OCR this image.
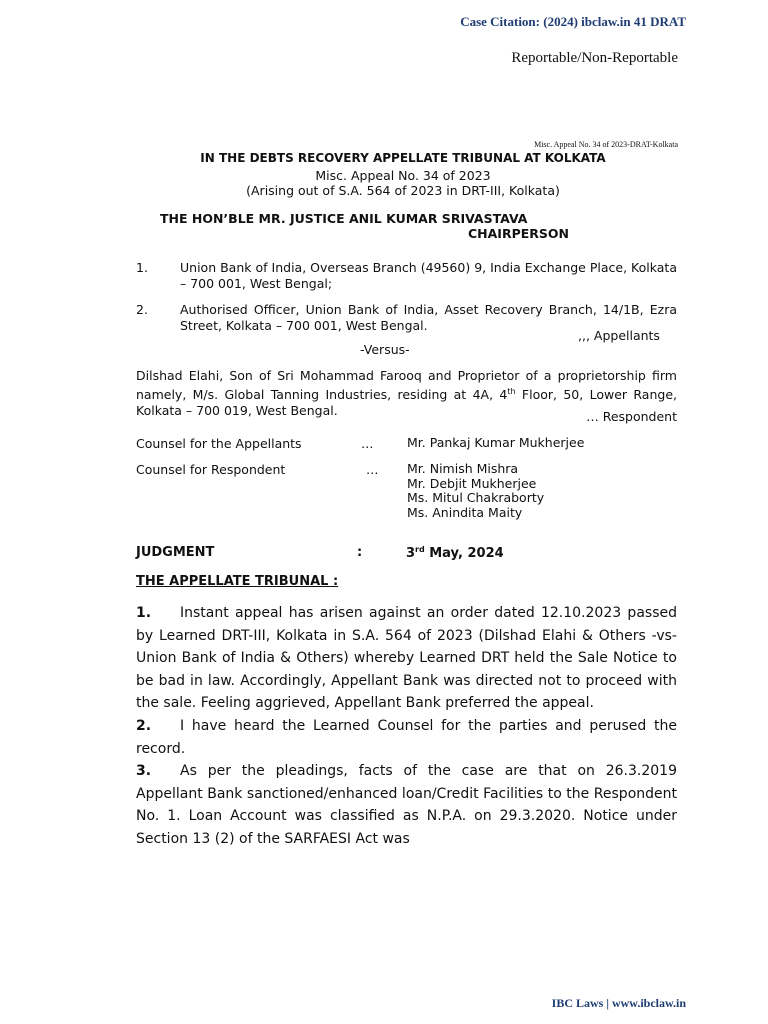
Case Citation: (2024) ibclaw.in 41 DRAT
Reportable/Non-Reportable
Misc. Appeal No. 34 of 2023-DRAT-Kolkata
IN THE DEBTS RECOVERY APPELLATE TRIBUNAL AT KOLKATA
Misc. Appeal No. 34 of 2023
(Arising out of S.A. 564 of 2023 in DRT-III, Kolkata)
THE HON’BLE MR. JUSTICE ANIL KUMAR SRIVASTAVA
CHAIRPERSON
1.	Union Bank of India, Overseas Branch (49560) 9, India Exchange Place, Kolkata – 700 001, West Bengal;
2.	Authorised Officer, Union Bank of India, Asset Recovery Branch, 14/1B, Ezra Street, Kolkata – 700 001, West Bengal.
,,, Appellants
-Versus-
Dilshad Elahi, Son of Sri Mohammad Farooq and Proprietor of a proprietorship firm namely, M/s. Global Tanning Industries, residing at 4A, 4th Floor, 50, Lower Range, Kolkata – 700 019, West Bengal.	… Respondent
Counsel for the Appellants	…	Mr. Pankaj Kumar Mukherjee
Counsel for Respondent	… Mr. Nimish Mishra
Mr. Debjit Mukherjee
Ms. Mitul Chakraborty
Ms. Anindita Maity
JUDGMENT	:	3rd May, 2024
THE APPELLATE TRIBUNAL :

1. Instant appeal has arisen against an order dated 12.10.2023 passed by Learned DRT-III, Kolkata in S.A. 564 of 2023 (Dilshad Elahi & Others -vs- Union Bank of India & Others) whereby Learned DRT held the Sale Notice to be bad in law. Accordingly, Appellant Bank was directed not to proceed with the sale. Feeling aggrieved, Appellant Bank preferred the appeal.

2. I have heard the Learned Counsel for the parties and perused the record.

3. As per the pleadings, facts of the case are that on 26.3.2019 Appellant Bank sanctioned/enhanced loan/Credit Facilities to the Respondent No. 1. Loan Account was classified as N.P.A. on 29.3.2020. Notice under Section 13 (2) of the SARFAESI Act was

IBC Laws | www.ibclaw.in
